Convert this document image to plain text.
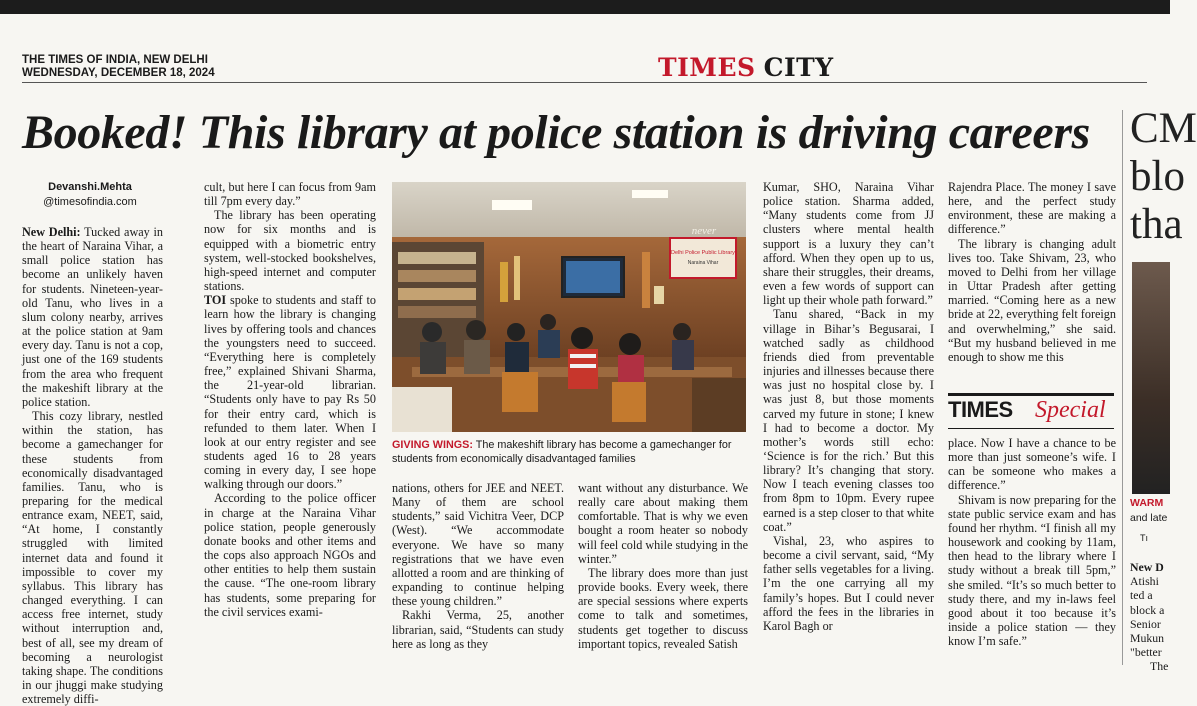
THE TIMES OF INDIA, NEW DELHI
WEDNESDAY, DECEMBER 18, 2024	TIMES CITY
Booked! This library at police station is driving careers CM
blo
tha
WARM
and late
Tı
New D
Atishi
ted a
block a
Senior
Mukun
"better
The
Devanshi.Mehta
@timesofindia.com

New Delhi: Tucked away in the heart of Naraina Vihar, a small police station has become an unlikely haven for students. Nineteen-year-old Tanu, who lives in a slum colony nearby, arrives at the police station at 9am every day. Tanu is not a cop, just one of the 169 students from the area who frequent the makeshift library at the police station.

This cozy library, nestled within the station, has become a gamechanger for these students from economically disadvantaged families. Tanu, who is preparing for the medical entrance exam, NEET, said, “At home, I constantly struggled with limited internet data and found it impossible to cover my syllabus. This library has changed everything. I can access free internet, study without interruption and, best of all, see my dream of becoming a neurologist taking shape. The conditions in our jhuggi make studying extremely diffi-

cult, but here I can focus from 9am till 7pm every day.”

The library has been operating now for six months and is equipped with a biometric entry system, well-stocked bookshelves, high-speed internet and computer stations.

TOI spoke to students and staff to learn how the library is changing lives by offering tools and chances the youngsters need to succeed. “Everything here is completely free,” explained Shivani Sharma, the 21-year-old librarian. “Students only have to pay Rs 50 for their entry card, which is refunded to them later. When I look at our entry register and see students aged 16 to 28 years coming in every day, I see hope walking through our doors.”

According to the police officer in charge at the Naraina Vihar police station, people generously donate books and other items and the cops also approach NGOs and other entities to help them sustain the cause. “The one-room library has students, some preparing for the civil services exami-

Delhi Police Public Library
Naraina Vihar
never
GIVING WINGS: The makeshift library has become a gamechanger for students from economically disadvantaged families

nations, others for JEE and NEET. Many of them are school students,” said Vichitra Veer, DCP (West). “We accommodate everyone. We have so many registrations that we have even allotted a room and are thinking of expanding to continue helping these young children.”

Rakhi Verma, 25, another librarian, said, “Students can study here as long as they

want without any disturbance. We really care about making them comfortable. That is why we even bought a room heater so nobody will feel cold while studying in the winter.”

The library does more than just provide books. Every week, there are special sessions where experts come to talk and sometimes, students get together to discuss important topics, revealed Satish

Kumar, SHO, Naraina Vihar police station. Sharma added, “Many students come from JJ clusters where mental health support is a luxury they can’t afford. When they open up to us, share their struggles, their dreams, even a few words of support can light up their whole path forward.”

Tanu shared, “Back in my village in Bihar’s Begusarai, I watched sadly as childhood friends died from preventable injuries and illnesses because there was just no hospital close by. I was just 8, but those moments carved my future in stone; I knew I had to become a doctor. My mother’s words still echo: ‘Science is for the rich.’ But this library? It’s changing that story. Now I teach evening classes too from 8pm to 10pm. Every rupee earned is a step closer to that white coat.”

Vishal, 23, who aspires to become a civil servant, said, “My father sells vegetables for a living. I’m the one carrying all my family’s hopes. But I could never afford the fees in the libraries in Karol Bagh or

Rajendra Place. The money I save here, and the perfect study environment, these are making a difference.”

The library is changing adult lives too. Take Shivam, 23, who moved to Delhi from her village in Uttar Pradesh after getting married. “Coming here as a new bride at 22, everything felt foreign and overwhelming,” she said. “But my husband believed in me enough to show me this

TIMES Special

place. Now I have a chance to be more than just someone’s wife. I can be someone who makes a difference.”

Shivam is now preparing for the state public service exam and has found her rhythm. “I finish all my housework and cooking by 11am, then head to the library where I study without a break till 5pm,” she smiled. “It’s so much better to study there, and my in-laws feel good about it too because it’s inside a police station — they know I’m safe.”
